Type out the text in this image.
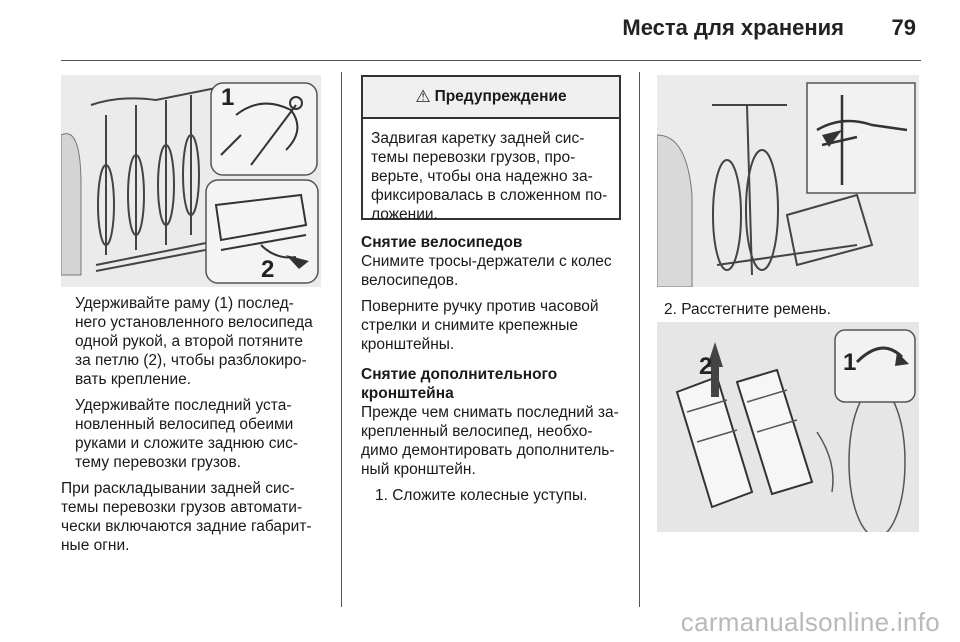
Места для хранения 79
1
2

Удерживайте раму (1) послед-

него установленного велосипеда

одной рукой, а второй потяните

за петлю (2), чтобы разблокиро-

вать крепление.

Удерживайте последний уста-

новленный велосипед обеими

руками и сложите заднюю сис-

тему перевозки грузов.

При раскладывании задней сис-

темы перевозки грузов автомати-

чески включаются задние габарит-

ные огни.

⚠ Предупреждение

Задвигая каретку задней сис-

темы перевозки грузов, про-

верьте, чтобы она надежно за-

фиксировалась в сложенном по-

ложении.

Снятие велосипедов

Снимите тросы-держатели с колес

велосипедов.

Поверните ручку против часовой

стрелки и снимите крепежные

кронштейны.

Снятие дополнительного

кронштейна

Прежде чем снимать последний за-

крепленный велосипед, необхо-

димо демонтировать дополнитель-

ный кронштейн.

1. Сложите колесные уступы.

2. Расстегните ремень.

2	1
carmanualsonline.info
